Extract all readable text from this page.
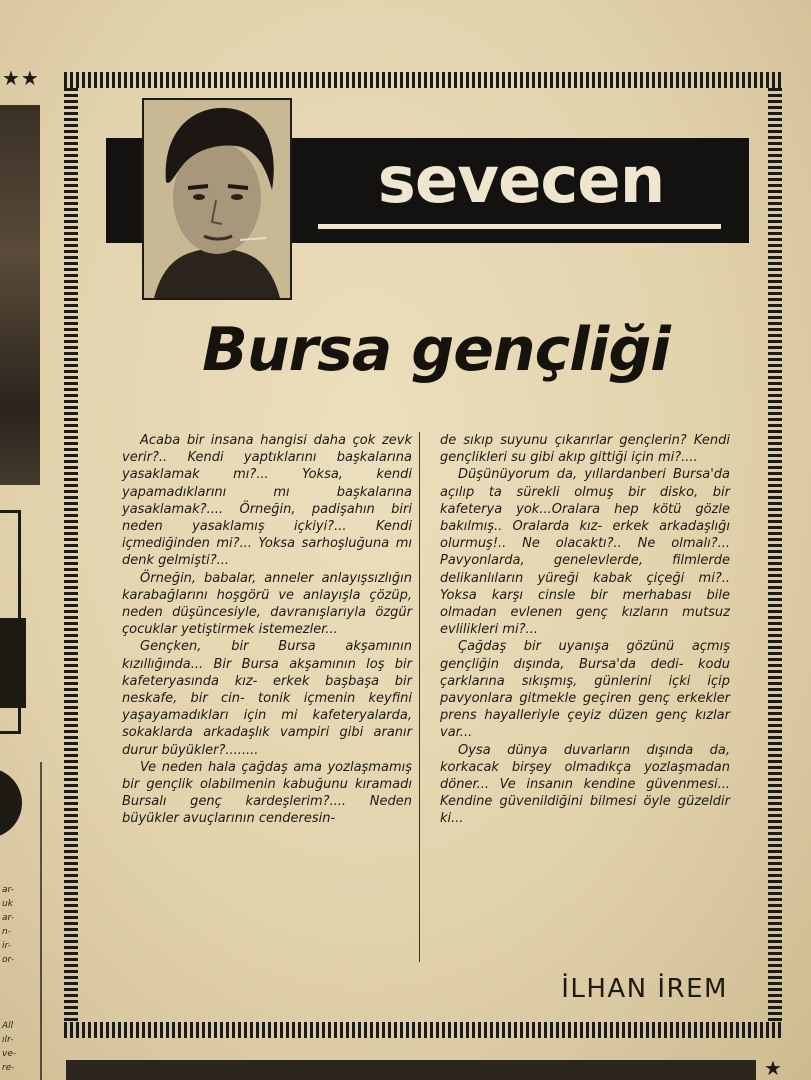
★★
ar-
uk
ar-
n-
ir-
or-
All
ılr-
ve-
re-
sevecen
Bursa gençliği

Acaba bir insana hangisi daha çok zevk verir?.. Kendi yaptıklarını başkalarına yasaklamak mı?... Yoksa, kendi yapamadıklarını mı başkalarına yasaklamak?.... Örneğin, padişahın biri neden yasaklamış içkiyi?... Kendi içmediğinden mi?... Yoksa sarhoşluğuna mı denk gelmişti?...

Örneğin, babalar, anneler anlayışsızlığın karabağlarını hoşgörü ve anlayışla çözüp, neden düşüncesiyle, davranışlarıyla özgür çocuklar yetiştirmek istemezler...

Gençken, bir Bursa akşamının kızıllığında... Bir Bursa akşamının loş bir kafeteryasında kız- erkek başbaşa bir neskafe, bir cin- tonik içmenin keyfini yaşayamadıkları için mi kafeteryalarda, sokaklarda arkadaşlık vampiri gibi aranır durur büyükler?........

Ve neden hala çağdaş ama yozlaşmamış bir gençlik olabilmenin kabuğunu kıramadı Bursalı genç kardeşlerim?.... Neden büyükler avuçlarının cenderesin-

de sıkıp suyunu çıkarırlar gençlerin? Kendi gençlikleri su gibi akıp gittiği için mi?....

Düşünüyorum da, yıllardanberi Bursa'da açılıp ta sürekli olmuş bir disko, bir kafeterya yok...Oralara hep kötü gözle bakılmış.. Oralarda kız- erkek arkadaşlığı olurmuş!.. Ne olacaktı?.. Ne olmalı?... Pavyonlarda, genelevlerde, filmlerde delikanlıların yüreği kabak çiçeği mi?.. Yoksa karşı cinsle bir merhabası bile olmadan evlenen genç kızların mutsuz evlilikleri mi?...

Çağdaş bir uyanışa gözünü açmış gençliğin dışında, Bursa'da dedi- kodu çarklarına sıkışmış, günlerini içki içip pavyonlara gitmekle geçiren genç erkekler prens hayalleriyle çeyiz düzen genç kızlar var...

Oysa dünya duvarların dışında da, korkacak birşey olmadıkça yozlaşmadan döner... Ve insanın kendine güvenmesi... Kendine güvenildiğini bilmesi öyle güzeldir ki...

İLHAN İREM
★
